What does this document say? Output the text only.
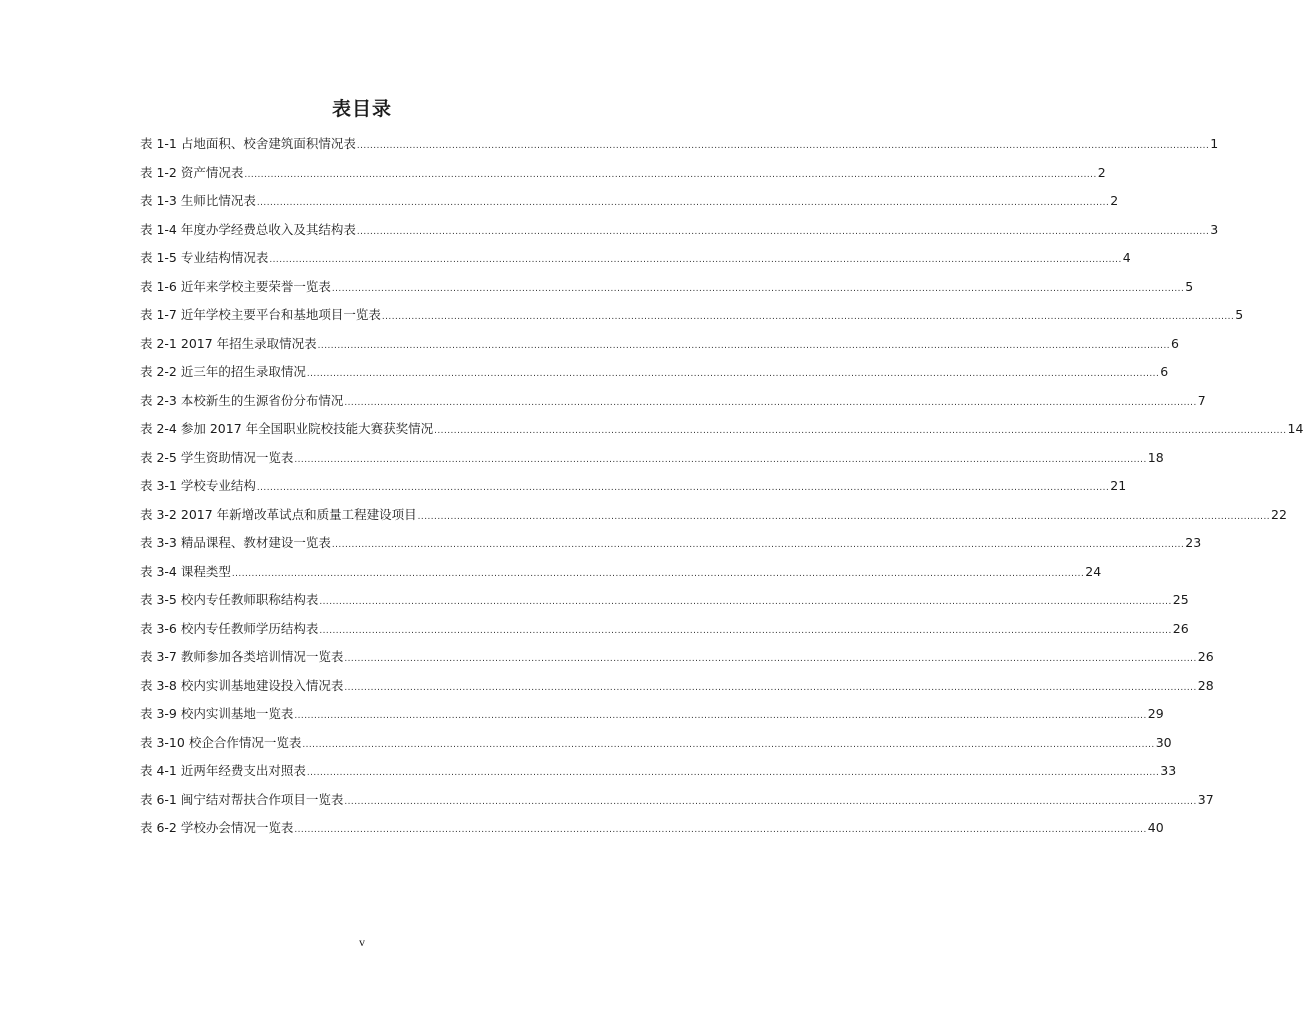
表目录
表 1-1 占地面积、校舍建筑面积情况表 .................................................................................................................................................................................................................................................................... 1
表 1-2 资产情况表 .................................................................................................................................................................................................................................................................... 2
表 1-3 生师比情况表 .................................................................................................................................................................................................................................................................... 2
表 1-4 年度办学经费总收入及其结构表 .................................................................................................................................................................................................................................................................... 3
表 1-5 专业结构情况表 .................................................................................................................................................................................................................................................................... 4
表 1-6 近年来学校主要荣誉一览表 .................................................................................................................................................................................................................................................................... 5
表 1-7 近年学校主要平台和基地项目一览表 .................................................................................................................................................................................................................................................................... 5
表 2-1 2017 年招生录取情况表 .................................................................................................................................................................................................................................................................... 6
表 2-2 近三年的招生录取情况 .................................................................................................................................................................................................................................................................... 6
表 2-3 本校新生的生源省份分布情况 .................................................................................................................................................................................................................................................................... 7
表 2-4 参加 2017 年全国职业院校技能大赛获奖情况 .................................................................................................................................................................................................................................................................... 14
表 2-5 学生资助情况一览表 .................................................................................................................................................................................................................................................................... 18
表 3-1 学校专业结构 .................................................................................................................................................................................................................................................................... 21
表 3-2 2017 年新增改革试点和质量工程建设项目 .................................................................................................................................................................................................................................................................... 22
表 3-3 精品课程、教材建设一览表 .................................................................................................................................................................................................................................................................... 23
表 3-4 课程类型 .................................................................................................................................................................................................................................................................... 24
表 3-5 校内专任教师职称结构表 .................................................................................................................................................................................................................................................................... 25
表 3-6 校内专任教师学历结构表 .................................................................................................................................................................................................................................................................... 26
表 3-7 教师参加各类培训情况一览表 .................................................................................................................................................................................................................................................................... 26
表 3-8 校内实训基地建设投入情况表 .................................................................................................................................................................................................................................................................... 28
表 3-9 校内实训基地一览表 .................................................................................................................................................................................................................................................................... 29
表 3-10 校企合作情况一览表 .................................................................................................................................................................................................................................................................... 30
表 4-1 近两年经费支出对照表 .................................................................................................................................................................................................................................................................... 33
表 6-1 闽宁结对帮扶合作项目一览表 .................................................................................................................................................................................................................................................................... 37
表 6-2 学校办会情况一览表 .................................................................................................................................................................................................................................................................... 40
v
